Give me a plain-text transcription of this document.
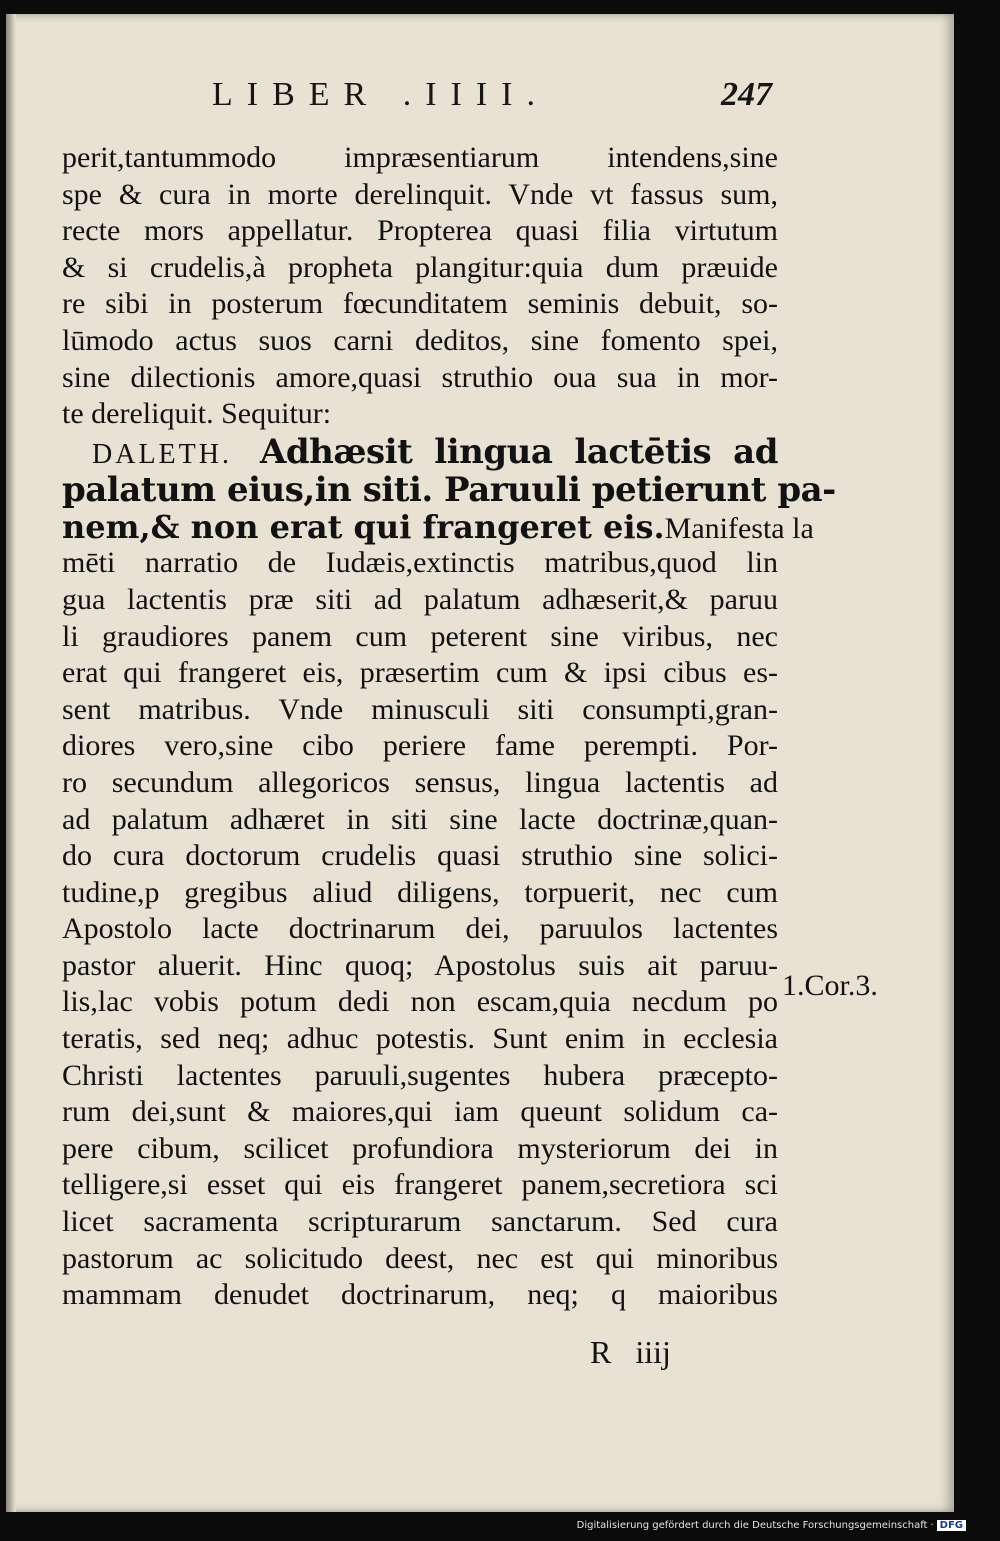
LIBER .IIII.	247
perit,tantummodo impræsentiarum intendens,sine
spe & cura in morte derelinquit. Vnde vt fassus sum,
recte mors appellatur. Propterea quasi filia virtutum
& si crudelis,à propheta plangitur:quia dum præuide
re sibi in posterum fœcunditatem seminis debuit, so-
lūmodo actus suos carni deditos, sine fomento spei,
sine dilectionis amore,quasi struthio oua sua in mor-
te dereliquit. Sequitur:
DALETH. Adhæsit lingua lactētis ad
palatum eius,in siti. Paruuli petierunt pa-
nem,& non erat qui frangeret eis.Manifesta la
mēti narratio de Iudæis,extinctis matribus,quod lin
gua lactentis præ siti ad palatum adhæserit,& paruu
li graudiores panem cum peterent sine viribus, nec
erat qui frangeret eis, præsertim cum & ipsi cibus es-
sent matribus. Vnde minusculi siti consumpti,gran-
diores vero,sine cibo periere fame perempti. Por-
ro secundum allegoricos sensus, lingua lactentis ad
ad palatum adhæret in siti sine lacte doctrinæ,quan-
do cura doctorum crudelis quasi struthio sine solici-
tudine,p gregibus aliud diligens, torpuerit, nec cum
Apostolo lacte doctrinarum dei, paruulos lactentes
pastor aluerit. Hinc quoq; Apostolus suis ait paruu-
lis,lac vobis potum dedi non escam,quia necdum po
teratis, sed neq; adhuc potestis. Sunt enim in ecclesia
Christi lactentes paruuli,sugentes hubera præcepto-
rum dei,sunt & maiores,qui iam queunt solidum ca-
pere cibum, scilicet profundiora mysteriorum dei in
telligere,si esset qui eis frangeret panem,secretiora sci
licet sacramenta scripturarum sanctarum. Sed cura
pastorum ac solicitudo deest, nec est qui minoribus
mammam denudet doctrinarum, neq; q maioribus
1.Cor.3.
R iiij
Digitalisierung gefördert durch die Deutsche Forschungsgemeinschaft · DFG
